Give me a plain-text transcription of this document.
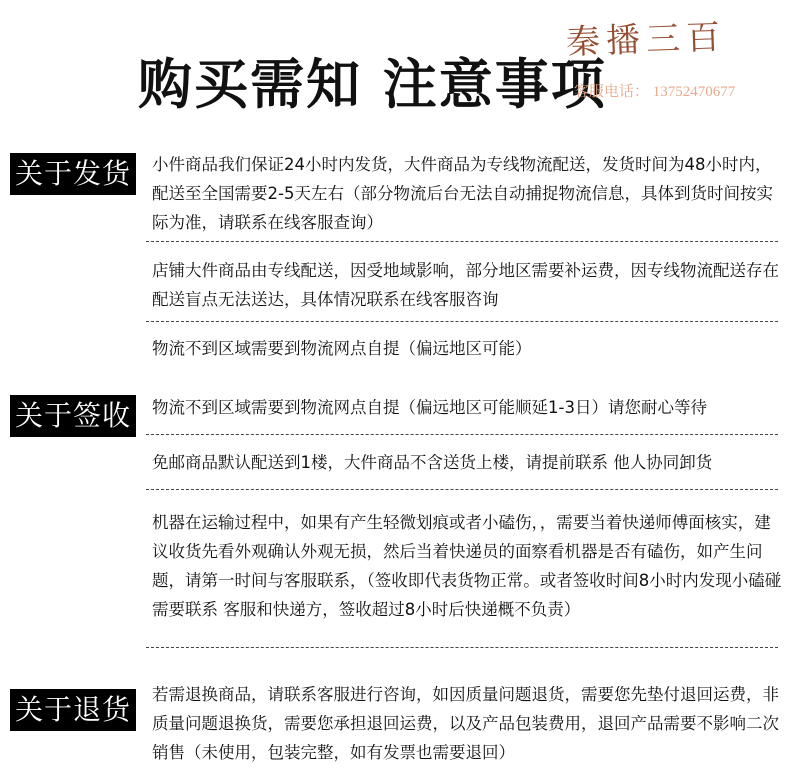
购买需知 注意事项
秦播三百
客服电话： 13752470677
关于发货	小件商品我们保证24小时内发货，大件商品为专线物流配送，发货时间为48小时内，配送至全国需要2-5天左右（部分物流后台无法自动捕捉物流信息，具体到货时间按实际为准，请联系在线客服查询）
店铺大件商品由专线配送，因受地域影响，部分地区需要补运费，因专线物流配送存在配送盲点无法送达，具体情况联系在线客服咨询
物流不到区域需要到物流网点自提（偏远地区可能）
关于签收	物流不到区域需要到物流网点自提（偏远地区可能顺延1-3日）请您耐心等待
免邮商品默认配送到1楼，大件商品不含送货上楼，请提前联系 他人协同卸货
机器在运输过程中，如果有产生轻微划痕或者小磕伤，，需要当着快递师傅面核实，建议收货先看外观确认外观无损，然后当着快递员的面察看机器是否有磕伤，如产生问题，请第一时间与客服联系，（签收即代表货物正常。或者签收时间8小时内发现小磕碰需要联系 客服和快递方，签收超过8小时后快递概不负责）
关于退货	若需退换商品，请联系客服进行咨询，如因质量问题退货，需要您先垫付退回运费，非质量问题退换货，需要您承担退回运费，以及产品包装费用，退回产品需要不影响二次销售（未使用，包装完整，如有发票也需要退回）
